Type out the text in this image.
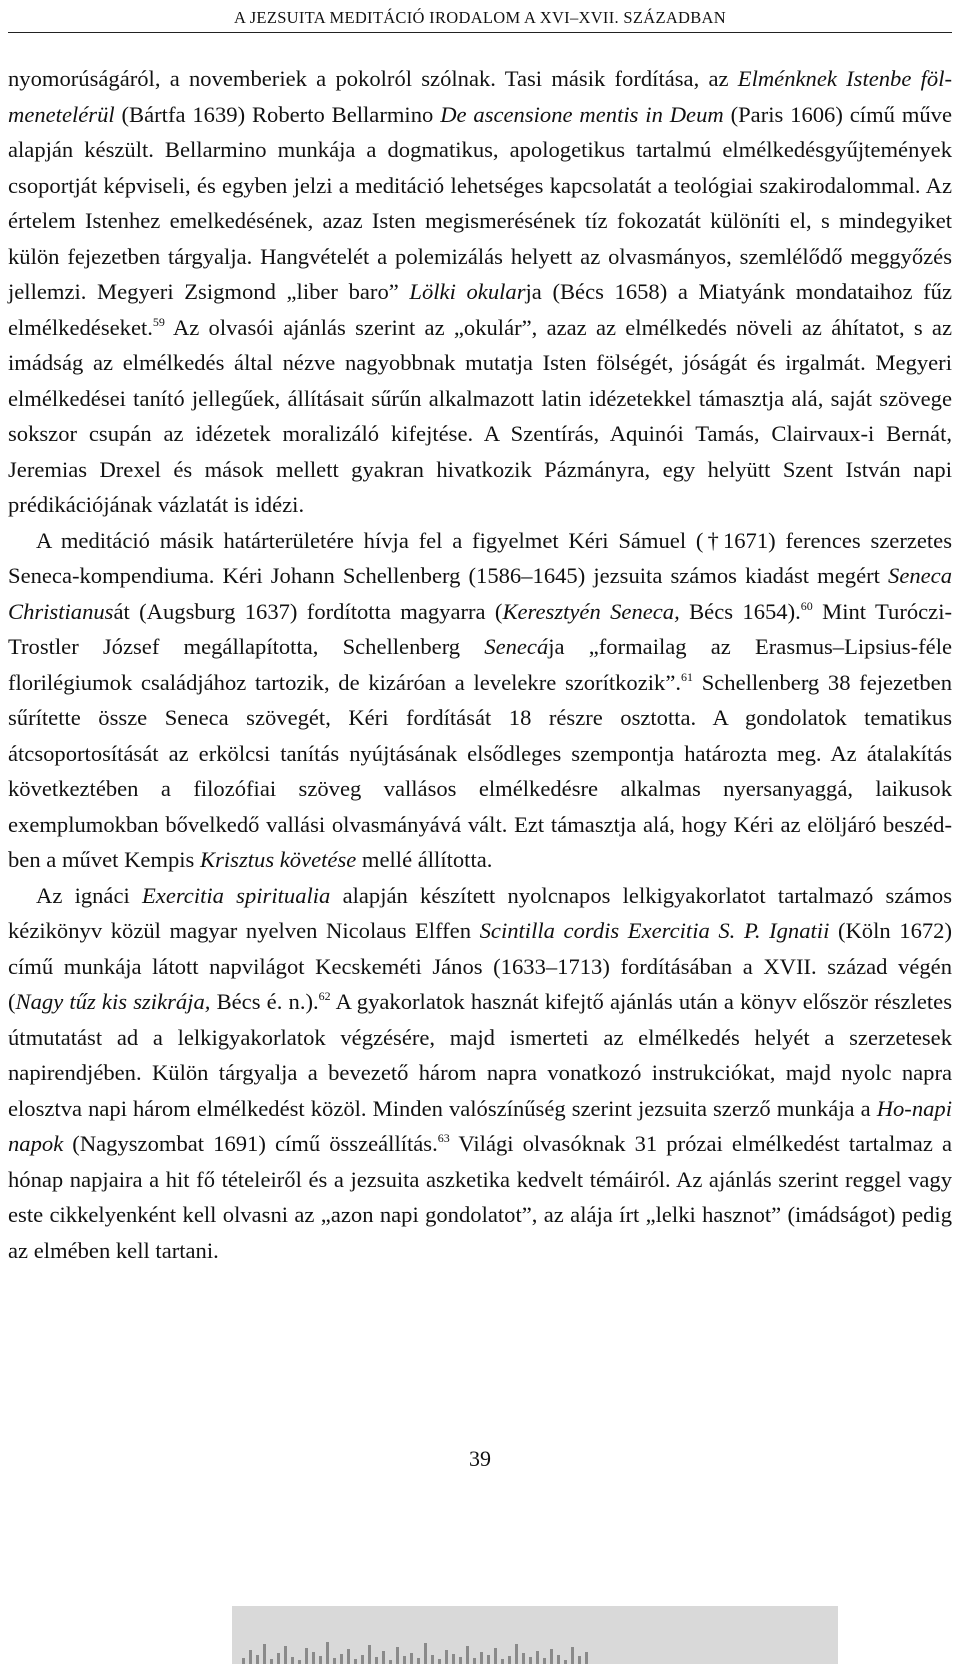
A JEZSUITA MEDITÁCIÓ IRODALOM A XVI–XVII. SZÁZADBAN

nyomorúságáról, a novemberiek a pokolról szólnak. Tasi másik fordítása, az Elménknek Istenbe föl-menetelérül (Bártfa 1639) Roberto Bellarmino De ascensione mentis in Deum (Paris 1606) című műve alapján készült. Bellarmino munkája a dogmatikus, apologetikus tartalmú elmélkedésgyűjtemények csoportját képviseli, és egyben jelzi a meditáció lehetséges kapcsolatát a teológiai szakirodalommal. Az értelem Istenhez emelkedésének, azaz Isten megismerésének tíz fokozatát különíti el, s mindegyiket külön fejezetben tárgyalja. Hangvételét a polemizálás helyett az olvasmányos, szemlélődő meggyőzés jellemzi. Megyeri Zsigmond „liber baro” Lölki okularja (Bécs 1658) a Miatyánk mondataihoz fűz elmélkedéseket.$^{59}$ Az olvasói ajánlás szerint az „okulár”, azaz az elmélkedés növeli az áhítatot, s az imádság az elmélkedés által nézve nagyobbnak mutatja Isten fölségét, jóságát és irgalmát. Megyeri elmélkedései tanító jellegűek, állításait sűrűn alkalmazott latin idézetekkel támasztja alá, saját szövege sokszor csupán az idézetek moralizáló kifejtése. A Szentírás, Aquinói Tamás, Clairvaux-i Bernát, Jeremias Drexel és mások mellett gyakran hivatkozik Pázmányra, egy helyütt Szent István napi prédikációjának vázlatát is idézi.

A meditáció másik határterületére hívja fel a figyelmet Kéri Sámuel (†1671) ferences szerzetes Seneca-kompendiuma. Kéri Johann Schellenberg (1586–1645) jezsuita számos kiadást megért Seneca Christianusát (Augsburg 1637) fordította magyarra (Keresztyén Seneca, Bécs 1654).$^{60}$ Mint Turóczi-Trostler József megállapította, Schellenberg Senecája „formailag az Erasmus–Lipsius-féle florilégiumok családjához tartozik, de kizáróan a levelekre szorítkozik”.$^{61}$ Schellenberg 38 fejezetben sűrítette össze Seneca szövegét, Kéri fordítását 18 részre osztotta. A gondolatok tematikus átcsoportosítását az erkölcsi tanítás nyújtásának elsődleges szempontja határozta meg. Az átalakítás következtében a filozófiai szöveg vallásos elmélkedésre alkalmas nyersanyaggá, laikusok exemplumokban bővelkedő vallási olvasmányává vált. Ezt támasztja alá, hogy Kéri az elöljáró beszédben a művet Kempis Krisztus követése mellé állította.

Az ignáci Exercitia spiritualia alapján készített nyolcnapos lelkigyakorlatot tartalmazó számos kézikönyv közül magyar nyelven Nicolaus Elffen Scintilla cordis Exercitia S. P. Ignatii (Köln 1672) című munkája látott napvilágot Kecskeméti János (1633–1713) fordításában a XVII. század végén (Nagy tűz kis szikrája, Bécs é. n.).$^{62}$ A gyakorlatok hasznát kifejtő ajánlás után a könyv először részletes útmutatást ad a lelkigyakorlatok végzésére, majd ismerteti az elmélkedés helyét a szerzetesek napirendjében. Külön tárgyalja a bevezető három napra vonatkozó instrukciókat, majd nyolc napra elosztva napi három elmélkedést közöl. Minden valószínűség szerint jezsuita szerző munkája a Ho-napi napok (Nagyszombat 1691) című összeállítás.$^{63}$ Világi olvasóknak 31 prózai elmélkedést tartalmaz a hónap napjaira a hit fő tételeiről és a jezsuita aszketika kedvelt témáiról. Az ajánlás szerint reggel vagy este cikkelyenként kell olvasni az „azon napi gondolatot”, az alája írt „lelki hasznot” (imádságot) pedig az elmében kell tartani.

39
